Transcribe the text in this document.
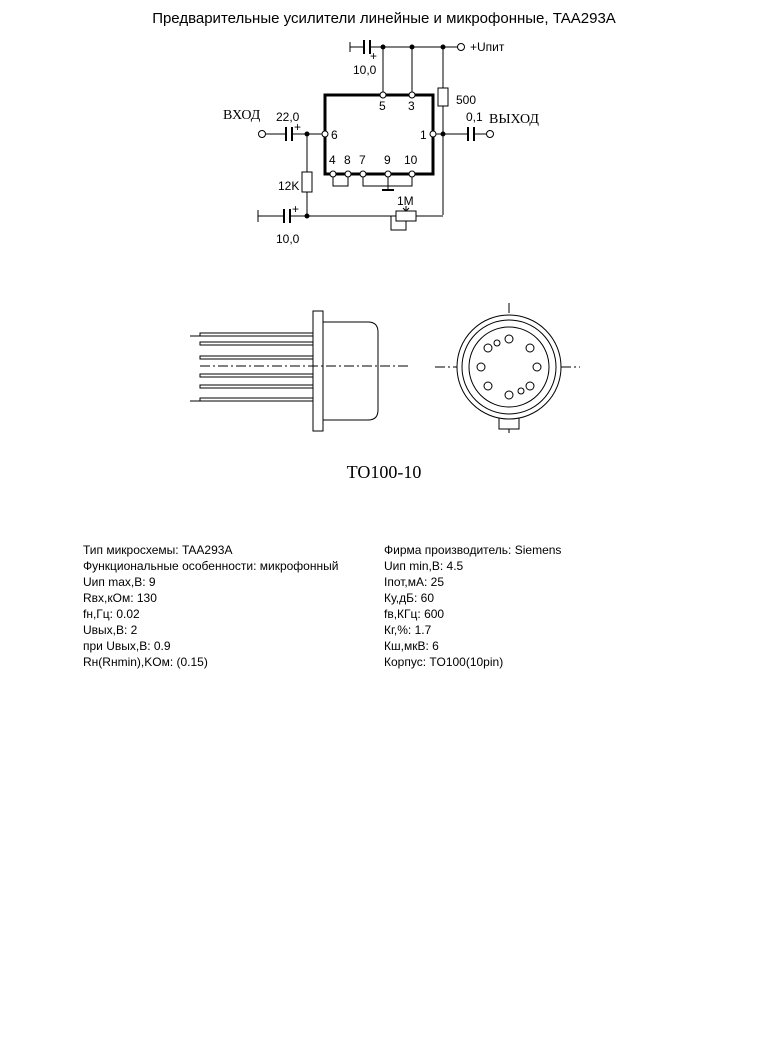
Предварительные усилители линейные и микрофонные, TAA293A
10,0
+
+Uпит
5 3	500
ВХОД 22,0
+
6	1
0,1 ВЫХОД
4 8 7 9 10
12K
1M
+
10,0
TO100-10
Тип микросхемы: TAA293A
Функциональные особенности: микрофонный
Uип max,B: 9
Rвх,кОм: 130
fн,Гц: 0.02
Uвых,В: 2
при Uвых,В: 0.9
Rн(Rнmin),KOм: (0.15)
Фирма производитель: Siemens
Uип min,B: 4.5
Iпот,мА: 25
Ку,дБ: 60
fв,КГц: 600
Кг,%: 1.7
Кш,мкВ: 6
Корпус: TO100(10pin)
